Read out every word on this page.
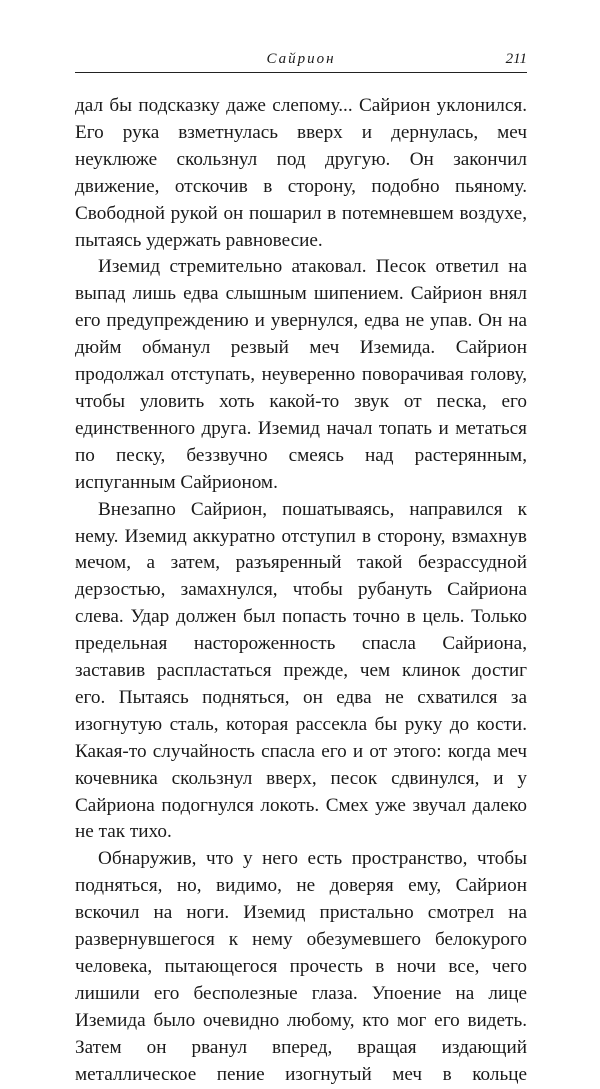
Сайрион	211

дал бы подсказку даже слепому... Сайрион уклонился. Его рука взметнулась вверх и дернулась, меч неуклюже скользнул под другую. Он закончил движение, отскочив в сторону, подобно пьяному. Свободной рукой он пошарил в потемневшем воздухе, пытаясь удержать равновесие.

Иземид стремительно атаковал. Песок ответил на выпад лишь едва слышным шипением. Сайрион внял его предупреждению и увернулся, едва не упав. Он на дюйм обманул резвый меч Иземида. Сайрион продолжал отступать, неуверенно поворачивая голову, чтобы уловить хоть какой-то звук от песка, его единственного друга. Иземид начал топать и метаться по песку, беззвучно смеясь над растерянным, испуганным Сайрионом.

Внезапно Сайрион, пошатываясь, направился к нему. Иземид аккуратно отступил в сторону, взмахнув мечом, а затем, разъяренный такой безрассудной дерзостью, замахнулся, чтобы рубануть Сайриона слева. Удар должен был попасть точно в цель. Только предельная настороженность спасла Сайриона, заставив распластаться прежде, чем клинок достиг его. Пытаясь подняться, он едва не схватился за изогнутую сталь, которая рассекла бы руку до кости. Какая-то случайность спасла его и от этого: когда меч кочевника скользнул вверх, песок сдвинулся, и у Сайриона подогнулся локоть. Смех уже звучал далеко не так тихо.

Обнаружив, что у него есть пространство, чтобы подняться, но, видимо, не доверяя ему, Сайрион вскочил на ноги. Иземид пристально смотрел на развернувшегося к нему обезумевшего белокурого человека, пытающегося прочесть в ночи все, чего лишили его бесполезные глаза. Упоение на лице Иземида было очевидно любому, кто мог его видеть. Затем он рванул вперед, вращая издающий металлическое пение изогнутый меч в кольце
